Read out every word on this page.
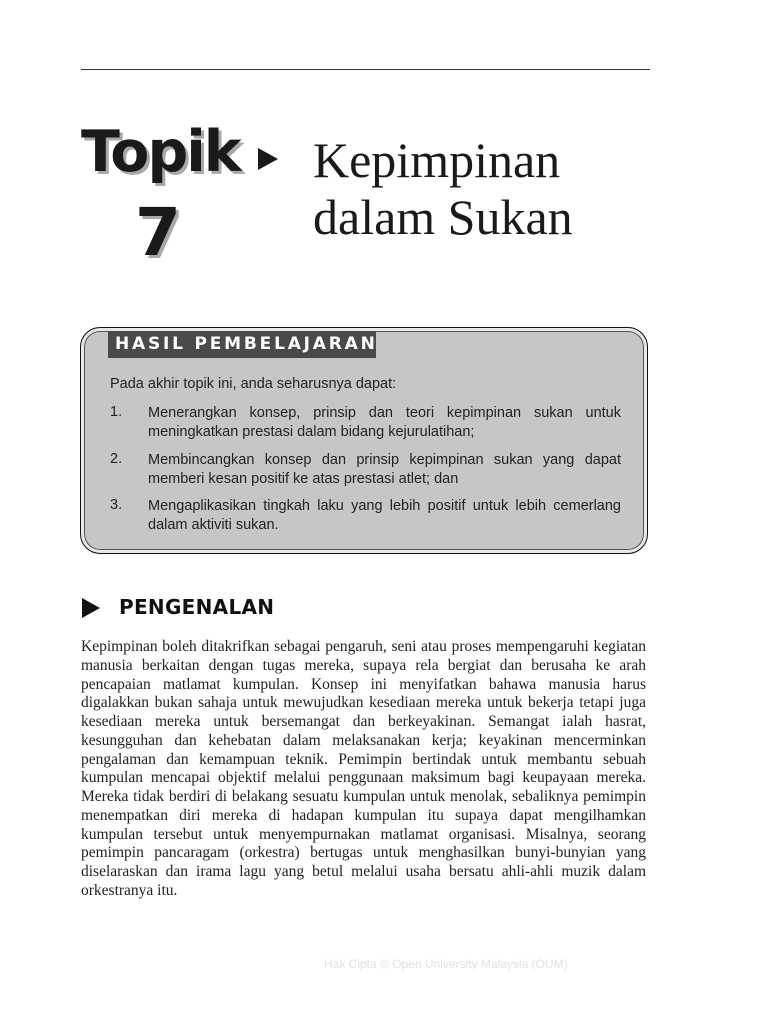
Topik
7
Kepimpinan
dalam Sukan
HASIL PEMBELAJARAN
Pada akhir topik ini, anda seharusnya dapat:
1. Menerangkan konsep, prinsip dan teori kepimpinan sukan untuk meningkatkan prestasi dalam bidang kejurulatihan;
2. Membincangkan konsep dan prinsip kepimpinan sukan yang dapat memberi kesan positif ke atas prestasi atlet; dan
3. Mengaplikasikan tingkah laku yang lebih positif untuk lebih cemerlang dalam aktiviti sukan.
PENGENALAN
Kepimpinan boleh ditakrifkan sebagai pengaruh, seni atau proses mempengaruhi kegiatan manusia berkaitan dengan tugas mereka, supaya rela bergiat dan berusaha ke arah pencapaian matlamat kumpulan. Konsep ini menyifatkan bahawa manusia harus digalakkan bukan sahaja untuk mewujudkan kesediaan mereka untuk bekerja tetapi juga kesediaan mereka untuk bersemangat dan berkeyakinan. Semangat ialah hasrat, kesungguhan dan kehebatan dalam melaksanakan kerja; keyakinan mencerminkan pengalaman dan kemampuan teknik. Pemimpin bertindak untuk membantu sebuah kumpulan mencapai objektif melalui penggunaan maksimum bagi keupayaan mereka. Mereka tidak berdiri di belakang sesuatu kumpulan untuk menolak, sebaliknya pemimpin menempatkan diri mereka di hadapan kumpulan itu supaya dapat mengilhamkan kumpulan tersebut untuk menyempurnakan matlamat organisasi. Misalnya, seorang pemimpin pancaragam (orkestra) bertugas untuk menghasilkan bunyi-bunyian yang diselaraskan dan irama lagu yang betul melalui usaha bersatu ahli-ahli muzik dalam orkestranya itu.
Hak Cipta © Open University Malaysia (OUM)
